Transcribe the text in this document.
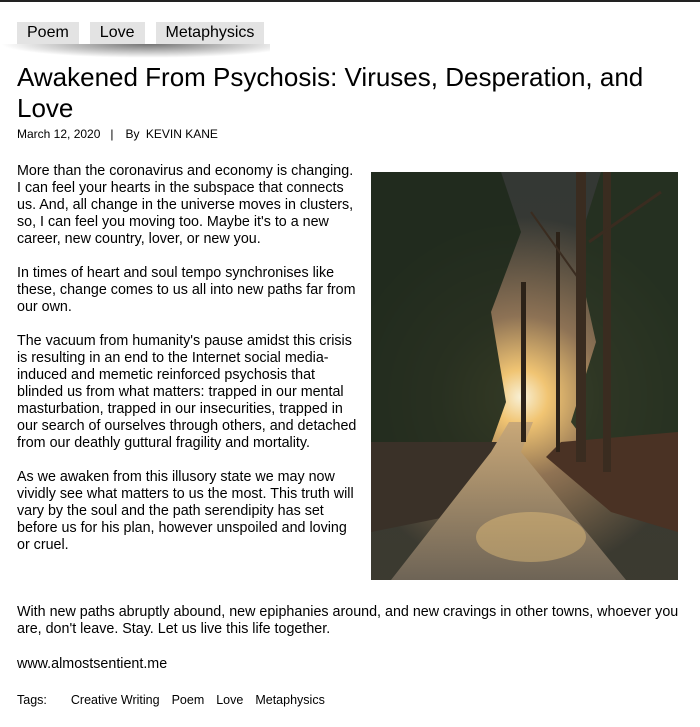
Poem	Love	Metaphysics
Awakened From Psychosis: Viruses, Desperation, and Love
March 12, 2020 | By KEVIN KANE

More than the coronavirus and economy is changing. I can feel your hearts in the subspace that connects us. And, all change in the universe moves in clusters, so, I can feel you moving too. Maybe it's to a new career, new country, lover, or new you.

In times of heart and soul tempo synchronises like these, change comes to us all into new paths far from our own.

The vacuum from humanity's pause amidst this crisis is resulting in an end to the Internet social media-induced and memetic reinforced psychosis that blinded us from what matters: trapped in our mental masturbation, trapped in our insecurities, trapped in our search of ourselves through others, and detached from our deathly guttural fragility and mortality.

As we awaken from this illusory state we may now vividly see what matters to us the most. This truth will vary by the soul and the path serendipity has set before us for his plan, however unspoiled and loving or cruel.

With new paths abruptly abound, new epiphanies around, and new cravings in other towns, whoever you are, don't leave. Stay. Let us live this life together.

www.almostsentient.me
Tags: Creative Writing Poem Love Metaphysics
